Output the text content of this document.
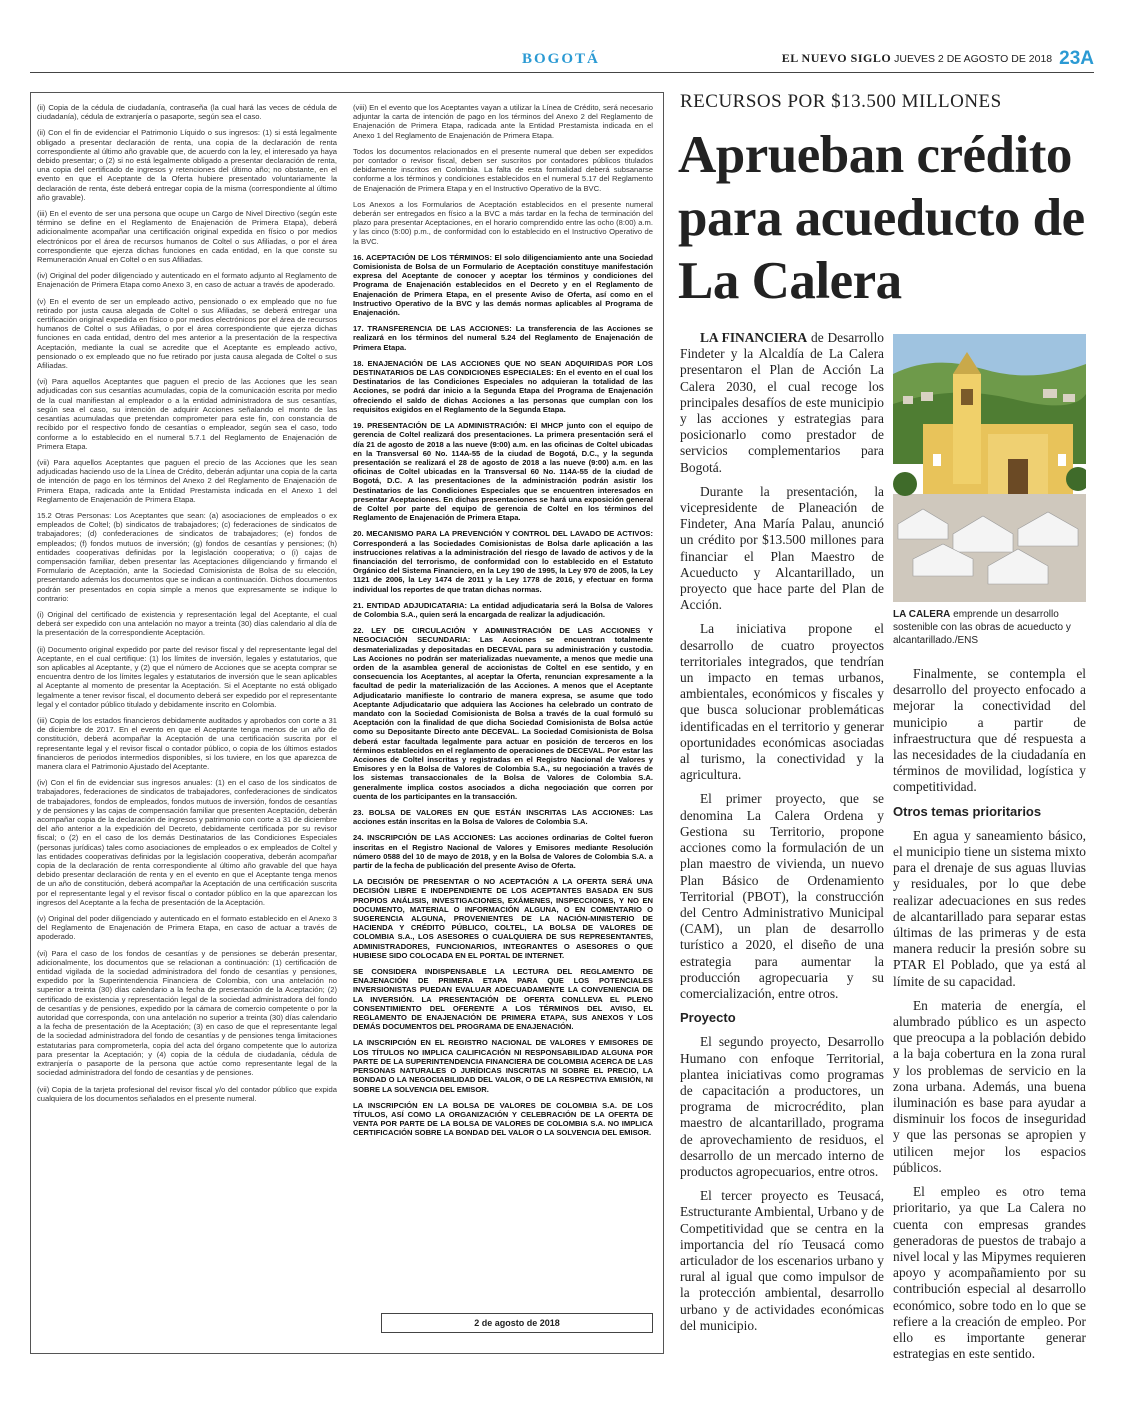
BOGOTÁ	EL NUEVO SIGLO JUEVES 2 DE AGOSTO DE 2018 23A

(ii) Copia de la cédula de ciudadanía, contraseña (la cual hará las veces de cédula de ciudadanía), cédula de extranjería o pasaporte, según sea el caso.

(ii) Con el fin de evidenciar el Patrimonio Líquido o sus ingresos: (1) si está legalmente obligado a presentar declaración de renta, una copia de la declaración de renta correspondiente al último año gravable que, de acuerdo con la ley, el interesado ya haya debido presentar; o (2) si no está legalmente obligado a presentar declaración de renta, una copia del certificado de ingresos y retenciones del último año; no obstante, en el evento en que el Aceptante de la Oferta hubiere presentado voluntariamente la declaración de renta, éste deberá entregar copia de la misma (correspondiente al último año gravable).

(iii) En el evento de ser una persona que ocupe un Cargo de Nivel Directivo (según este término se define en el Reglamento de Enajenación de Primera Etapa), deberá adicionalmente acompañar una certificación original expedida en físico o por medios electrónicos por el área de recursos humanos de Coltel o sus Afiliadas, o por el área correspondiente que ejerza dichas funciones en cada entidad, en la que conste su Remuneración Anual en Coltel o en sus Afiliadas.

(iv) Original del poder diligenciado y autenticado en el formato adjunto al Reglamento de Enajenación de Primera Etapa como Anexo 3, en caso de actuar a través de apoderado.

(v) En el evento de ser un empleado activo, pensionado o ex empleado que no fue retirado por justa causa alegada de Coltel o sus Afiliadas, se deberá entregar una certificación original expedida en físico o por medios electrónicos por el área de recursos humanos de Coltel o sus Afiliadas, o por el área correspondiente que ejerza dichas funciones en cada entidad, dentro del mes anterior a la presentación de la respectiva Aceptación, mediante la cual se acredite que el Aceptante es empleado activo, pensionado o ex empleado que no fue retirado por justa causa alegada de Coltel o sus Afiliadas.

(vi) Para aquellos Aceptantes que paguen el precio de las Acciones que les sean adjudicadas con sus cesantías acumuladas, copia de la comunicación escrita por medio de la cual manifiestan al empleador o a la entidad administradora de sus cesantías, según sea el caso, su intención de adquirir Acciones señalando el monto de las cesantías acumuladas que pretendan comprometer para este fin, con constancia de recibido por el respectivo fondo de cesantías o empleador, según sea el caso, todo conforme a lo establecido en el numeral 5.7.1 del Reglamento de Enajenación de Primera Etapa.

(vii) Para aquellos Aceptantes que paguen el precio de las Acciones que les sean adjudicadas haciendo uso de la Línea de Crédito, deberán adjuntar una copia de la carta de intención de pago en los términos del Anexo 2 del Reglamento de Enajenación de Primera Etapa, radicada ante la Entidad Prestamista indicada en el Anexo 1 del Reglamento de Enajenación de Primera Etapa.

15.2 Otras Personas: Los Aceptantes que sean: (a) asociaciones de empleados o ex empleados de Coltel; (b) sindicatos de trabajadores; (c) federaciones de sindicatos de trabajadores; (d) confederaciones de sindicatos de trabajadores; (e) fondos de empleados; (f) fondos mutuos de inversión; (g) fondos de cesantías y pensiones; (h) entidades cooperativas definidas por la legislación cooperativa; o (i) cajas de compensación familiar, deben presentar las Aceptaciones diligenciando y firmando el Formulario de Aceptación, ante la Sociedad Comisionista de Bolsa de su elección, presentando además los documentos que se indican a continuación. Dichos documentos podrán ser presentados en copia simple a menos que expresamente se indique lo contrario:

(i) Original del certificado de existencia y representación legal del Aceptante, el cual deberá ser expedido con una antelación no mayor a treinta (30) días calendario al día de la presentación de la correspondiente Aceptación.

(ii) Documento original expedido por parte del revisor fiscal y del representante legal del Aceptante, en el cual certifique: (1) los límites de inversión, legales y estatutarios, que son aplicables al Aceptante, y (2) que el número de Acciones que se acepta comprar se encuentra dentro de los límites legales y estatutarios de inversión que le sean aplicables al Aceptante al momento de presentar la Aceptación. Si el Aceptante no está obligado legalmente a tener revisor fiscal, el documento deberá ser expedido por el representante legal y el contador público titulado y debidamente inscrito en Colombia.

(iii) Copia de los estados financieros debidamente auditados y aprobados con corte a 31 de diciembre de 2017. En el evento en que el Aceptante tenga menos de un año de constitución, deberá acompañar la Aceptación de una certificación suscrita por el representante legal y el revisor fiscal o contador público, o copia de los últimos estados financieros de periodos intermedios disponibles, si los tuviere, en los que aparezca de manera clara el Patrimonio Ajustado del Aceptante.

(iv) Con el fin de evidenciar sus ingresos anuales: (1) en el caso de los sindicatos de trabajadores, federaciones de sindicatos de trabajadores, confederaciones de sindicatos de trabajadores, fondos de empleados, fondos mutuos de inversión, fondos de cesantías y de pensiones y las cajas de compensación familiar que presenten Aceptación, deberán acompañar copia de la declaración de ingresos y patrimonio con corte a 31 de diciembre del año anterior a la expedición del Decreto, debidamente certificada por su revisor fiscal; o (2) en el caso de los demás Destinatarios de las Condiciones Especiales (personas jurídicas) tales como asociaciones de empleados o ex empleados de Coltel y las entidades cooperativas definidas por la legislación cooperativa, deberán acompañar copia de la declaración de renta correspondiente al último año gravable del que haya debido presentar declaración de renta y en el evento en que el Aceptante tenga menos de un año de constitución, deberá acompañar la Aceptación de una certificación suscrita por el representante legal y el revisor fiscal o contador público en la que aparezcan los ingresos del Aceptante a la fecha de presentación de la Aceptación.

(v) Original del poder diligenciado y autenticado en el formato establecido en el Anexo 3 del Reglamento de Enajenación de Primera Etapa, en caso de actuar a través de apoderado.

(vi) Para el caso de los fondos de cesantías y de pensiones se deberán presentar, adicionalmente, los documentos que se relacionan a continuación: (1) certificación de entidad vigilada de la sociedad administradora del fondo de cesantías y pensiones, expedido por la Superintendencia Financiera de Colombia, con una antelación no superior a treinta (30) días calendario a la fecha de presentación de la Aceptación; (2) certificado de existencia y representación legal de la sociedad administradora del fondo de cesantías y de pensiones, expedido por la cámara de comercio competente o por la autoridad que corresponda, con una antelación no superior a treinta (30) días calendario a la fecha de presentación de la Aceptación; (3) en caso de que el representante legal de la sociedad administradora del fondo de cesantías y de pensiones tenga limitaciones estatutarias para comprometerla, copia del acta del órgano competente que lo autoriza para presentar la Aceptación; y (4) copia de la cédula de ciudadanía, cédula de extranjería o pasaporte de la persona que actúe como representante legal de la sociedad administradora del fondo de cesantías y de pensiones.

(vii) Copia de la tarjeta profesional del revisor fiscal y/o del contador público que expida cualquiera de los documentos señalados en el presente numeral.

(viii) En el evento que los Aceptantes vayan a utilizar la Línea de Crédito, será necesario adjuntar la carta de intención de pago en los términos del Anexo 2 del Reglamento de Enajenación de Primera Etapa, radicada ante la Entidad Prestamista indicada en el Anexo 1 del Reglamento de Enajenación de Primera Etapa.

Todos los documentos relacionados en el presente numeral que deben ser expedidos por contador o revisor fiscal, deben ser suscritos por contadores públicos titulados debidamente inscritos en Colombia. La falta de esta formalidad deberá subsanarse conforme a los términos y condiciones establecidos en el numeral 5.17 del Reglamento de Enajenación de Primera Etapa y en el Instructivo Operativo de la BVC.

Los Anexos a los Formularios de Aceptación establecidos en el presente numeral deberán ser entregados en físico a la BVC a más tardar en la fecha de terminación del plazo para presentar Aceptaciones, en el horario comprendido entre las ocho (8:00) a.m. y las cinco (5:00) p.m., de conformidad con lo establecido en el Instructivo Operativo de la BVC.

16. ACEPTACIÓN DE LOS TÉRMINOS: El solo diligenciamiento ante una Sociedad Comisionista de Bolsa de un Formulario de Aceptación constituye manifestación expresa del Aceptante de conocer y aceptar los términos y condiciones del Programa de Enajenación establecidos en el Decreto y en el Reglamento de Enajenación de Primera Etapa, en el presente Aviso de Oferta, así como en el Instructivo Operativo de la BVC y las demás normas aplicables al Programa de Enajenación.

17. TRANSFERENCIA DE LAS ACCIONES: La transferencia de las Acciones se realizará en los términos del numeral 5.24 del Reglamento de Enajenación de Primera Etapa.

18. ENAJENACIÓN DE LAS ACCIONES QUE NO SEAN ADQUIRIDAS POR LOS DESTINATARIOS DE LAS CONDICIONES ESPECIALES: En el evento en el cual los Destinatarios de las Condiciones Especiales no adquieran la totalidad de las Acciones, se podrá dar inicio a la Segunda Etapa del Programa de Enajenación ofreciendo el saldo de dichas Acciones a las personas que cumplan con los requisitos exigidos en el Reglamento de la Segunda Etapa.

19. PRESENTACIÓN DE LA ADMINISTRACIÓN: El MHCP junto con el equipo de gerencia de Coltel realizará dos presentaciones. La primera presentación será el día 21 de agosto de 2018 a las nueve (9:00) a.m. en las oficinas de Coltel ubicadas en la Transversal 60 No. 114A-55 de la ciudad de Bogotá, D.C., y la segunda presentación se realizará el 28 de agosto de 2018 a las nueve (9:00) a.m. en las oficinas de Coltel ubicadas en la Transversal 60 No. 114A-55 de la ciudad de Bogotá, D.C. A las presentaciones de la administración podrán asistir los Destinatarios de las Condiciones Especiales que se encuentren interesados en presentar Aceptaciones. En dichas presentaciones se hará una exposición general de Coltel por parte del equipo de gerencia de Coltel en los términos del Reglamento de Enajenación de Primera Etapa.

20. MECANISMO PARA LA PREVENCIÓN Y CONTROL DEL LAVADO DE ACTIVOS: Corresponderá a las Sociedades Comisionistas de Bolsa darle aplicación a las instrucciones relativas a la administración del riesgo de lavado de activos y de la financiación del terrorismo, de conformidad con lo establecido en el Estatuto Orgánico del Sistema Financiero, en la Ley 190 de 1995, la Ley 970 de 2005, la Ley 1121 de 2006, la Ley 1474 de 2011 y la Ley 1778 de 2016, y efectuar en forma individual los reportes de que tratan dichas normas.

21. ENTIDAD ADJUDICATARIA: La entidad adjudicataria será la Bolsa de Valores de Colombia S.A., quien será la encargada de realizar la adjudicación.

22. LEY DE CIRCULACIÓN Y ADMINISTRACIÓN DE LAS ACCIONES Y NEGOCIACIÓN SECUNDARIA: Las Acciones se encuentran totalmente desmaterializadas y depositadas en DECEVAL para su administración y custodia. Las Acciones no podrán ser materializadas nuevamente, a menos que medie una orden de la asamblea general de accionistas de Coltel en ese sentido, y en consecuencia los Aceptantes, al aceptar la Oferta, renuncian expresamente a la facultad de pedir la materialización de las Acciones. A menos que el Aceptante Adjudicatario manifieste lo contrario de manera expresa, se asume que todo Aceptante Adjudicatario que adquiera las Acciones ha celebrado un contrato de mandato con la Sociedad Comisionista de Bolsa a través de la cual formuló su Aceptación con la finalidad de que dicha Sociedad Comisionista de Bolsa actúe como su Depositante Directo ante DECEVAL. La Sociedad Comisionista de Bolsa deberá estar facultada legalmente para actuar en posición de terceros en los términos establecidos en el reglamento de operaciones de DECEVAL. Por estar las Acciones de Coltel inscritas y registradas en el Registro Nacional de Valores y Emisores y en la Bolsa de Valores de Colombia S.A., su negociación a través de los sistemas transaccionales de la Bolsa de Valores de Colombia S.A. generalmente implica costos asociados a dicha negociación que corren por cuenta de los participantes en la transacción.

23. BOLSA DE VALORES EN QUE ESTÁN INSCRITAS LAS ACCIONES: Las acciones están inscritas en la Bolsa de Valores de Colombia S.A.

24. INSCRIPCIÓN DE LAS ACCIONES: Las acciones ordinarias de Coltel fueron inscritas en el Registro Nacional de Valores y Emisores mediante Resolución número 0588 del 10 de mayo de 2018, y en la Bolsa de Valores de Colombia S.A. a partir de la fecha de publicación del presente Aviso de Oferta.

LA DECISIÓN DE PRESENTAR O NO ACEPTACIÓN A LA OFERTA SERÁ UNA DECISIÓN LIBRE E INDEPENDIENTE DE LOS ACEPTANTES BASADA EN SUS PROPIOS ANÁLISIS, INVESTIGACIONES, EXÁMENES, INSPECCIONES, Y NO EN DOCUMENTO, MATERIAL O INFORMACIÓN ALGUNA, O EN COMENTARIO O SUGERENCIA ALGUNA, PROVENIENTES DE LA NACIÓN-MINISTERIO DE HACIENDA Y CRÉDITO PÚBLICO, COLTEL, LA BOLSA DE VALORES DE COLOMBIA S.A., LOS ASESORES O CUALQUIERA DE SUS REPRESENTANTES, ADMINISTRADORES, FUNCIONARIOS, INTEGRANTES O ASESORES O QUE HUBIESE SIDO COLOCADA EN EL PORTAL DE INTERNET.

SE CONSIDERA INDISPENSABLE LA LECTURA DEL REGLAMENTO DE ENAJENACIÓN DE PRIMERA ETAPA PARA QUE LOS POTENCIALES INVERSIONISTAS PUEDAN EVALUAR ADECUADAMENTE LA CONVENIENCIA DE LA INVERSIÓN. LA PRESENTACIÓN DE OFERTA CONLLEVA EL PLENO CONSENTIMIENTO DEL OFERENTE A LOS TÉRMINOS DEL AVISO, EL REGLAMENTO DE ENAJENACIÓN DE PRIMERA ETAPA, SUS ANEXOS Y LOS DEMÁS DOCUMENTOS DEL PROGRAMA DE ENAJENACIÓN.

LA INSCRIPCIÓN EN EL REGISTRO NACIONAL DE VALORES Y EMISORES DE LOS TÍTULOS NO IMPLICA CALIFICACIÓN NI RESPONSABILIDAD ALGUNA POR PARTE DE LA SUPERINTENDENCIA FINANCIERA DE COLOMBIA ACERCA DE LAS PERSONAS NATURALES O JURÍDICAS INSCRITAS NI SOBRE EL PRECIO, LA BONDAD O LA NEGOCIABILIDAD DEL VALOR, O DE LA RESPECTIVA EMISIÓN, NI SOBRE LA SOLVENCIA DEL EMISOR.

LA INSCRIPCIÓN EN LA BOLSA DE VALORES DE COLOMBIA S.A. DE LOS TÍTULOS, ASÍ COMO LA ORGANIZACIÓN Y CELEBRACIÓN DE LA OFERTA DE VENTA POR PARTE DE LA BOLSA DE VALORES DE COLOMBIA S.A. NO IMPLICA CERTIFICACIÓN SOBRE LA BONDAD DEL VALOR O LA SOLVENCIA DEL EMISOR.

2 de agosto de 2018
RECURSOS POR $13.500 MILLONES
Aprueban crédito para acueducto de La Calera

LA FINANCIERA de Desarrollo Findeter y la Alcaldía de La Calera presentaron el Plan de Acción La Calera 2030, el cual recoge los principales desafíos de este municipio y las acciones y estrategias para posicionarlo como prestador de servicios complementarios para Bogotá.

Durante la presentación, la vicepresidente de Planeación de Findeter, Ana María Palau, anunció un crédito por $13.500 millones para financiar el Plan Maestro de Acueducto y Alcantarillado, un proyecto que hace parte del Plan de Acción.

La iniciativa propone el desarrollo de cuatro proyectos territoriales integrados, que tendrían un impacto en temas urbanos, ambientales, económicos y fiscales y que busca solucionar problemáticas identificadas en el territorio y generar oportunidades económicas asociadas al turismo, la conectividad y la agricultura.

El primer proyecto, que se denomina La Calera Ordena y Gestiona su Territorio, propone acciones como la formulación de un plan maestro de vivienda, un nuevo Plan Básico de Ordenamiento Territorial (PBOT), la construcción del Centro Administrativo Municipal (CAM), un plan de desarrollo turístico a 2020, el diseño de una estrategia para aumentar la producción agropecuaria y su comercialización, entre otros.

Proyecto

El segundo proyecto, Desarrollo Humano con enfoque Territorial, plantea iniciativas como programas de capacitación a productores, un programa de microcrédito, plan maestro de alcantarillado, programa de aprovechamiento de residuos, el desarrollo de un mercado interno de productos agropecuarios, entre otros.

El tercer proyecto es Teusacá, Estructurante Ambiental, Urbano y de Competitividad que se centra en la importancia del río Teusacá como articulador de los escenarios urbano y rural al igual que como impulsor de la protección ambiental, desarrollo urbano y de actividades económicas del municipio.

LA CALERA emprende un desarrollo sostenible con las obras de acueducto y alcantarillado./ENS

Finalmente, se contempla el desarrollo del proyecto enfocado a mejorar la conectividad del municipio a partir de infraestructura que dé respuesta a las necesidades de la ciudadanía en términos de movilidad, logística y competitividad.

Otros temas prioritarios

En agua y saneamiento básico, el municipio tiene un sistema mixto para el drenaje de sus aguas lluvias y residuales, por lo que debe realizar adecuaciones en sus redes de alcantarillado para separar estas últimas de las primeras y de esta manera reducir la presión sobre su PTAR El Poblado, que ya está al límite de su capacidad.

En materia de energía, el alumbrado público es un aspecto que preocupa a la población debido a la baja cobertura en la zona rural y los problemas de servicio en la zona urbana. Además, una buena iluminación es base para ayudar a disminuir los focos de inseguridad y que las personas se apropien y utilicen mejor los espacios públicos.

El empleo es otro tema prioritario, ya que La Calera no cuenta con empresas grandes generadoras de puestos de trabajo a nivel local y las Mipymes requieren apoyo y acompañamiento por su contribución especial al desarrollo económico, sobre todo en lo que se refiere a la creación de empleo. Por ello es importante generar estrategias en este sentido.
